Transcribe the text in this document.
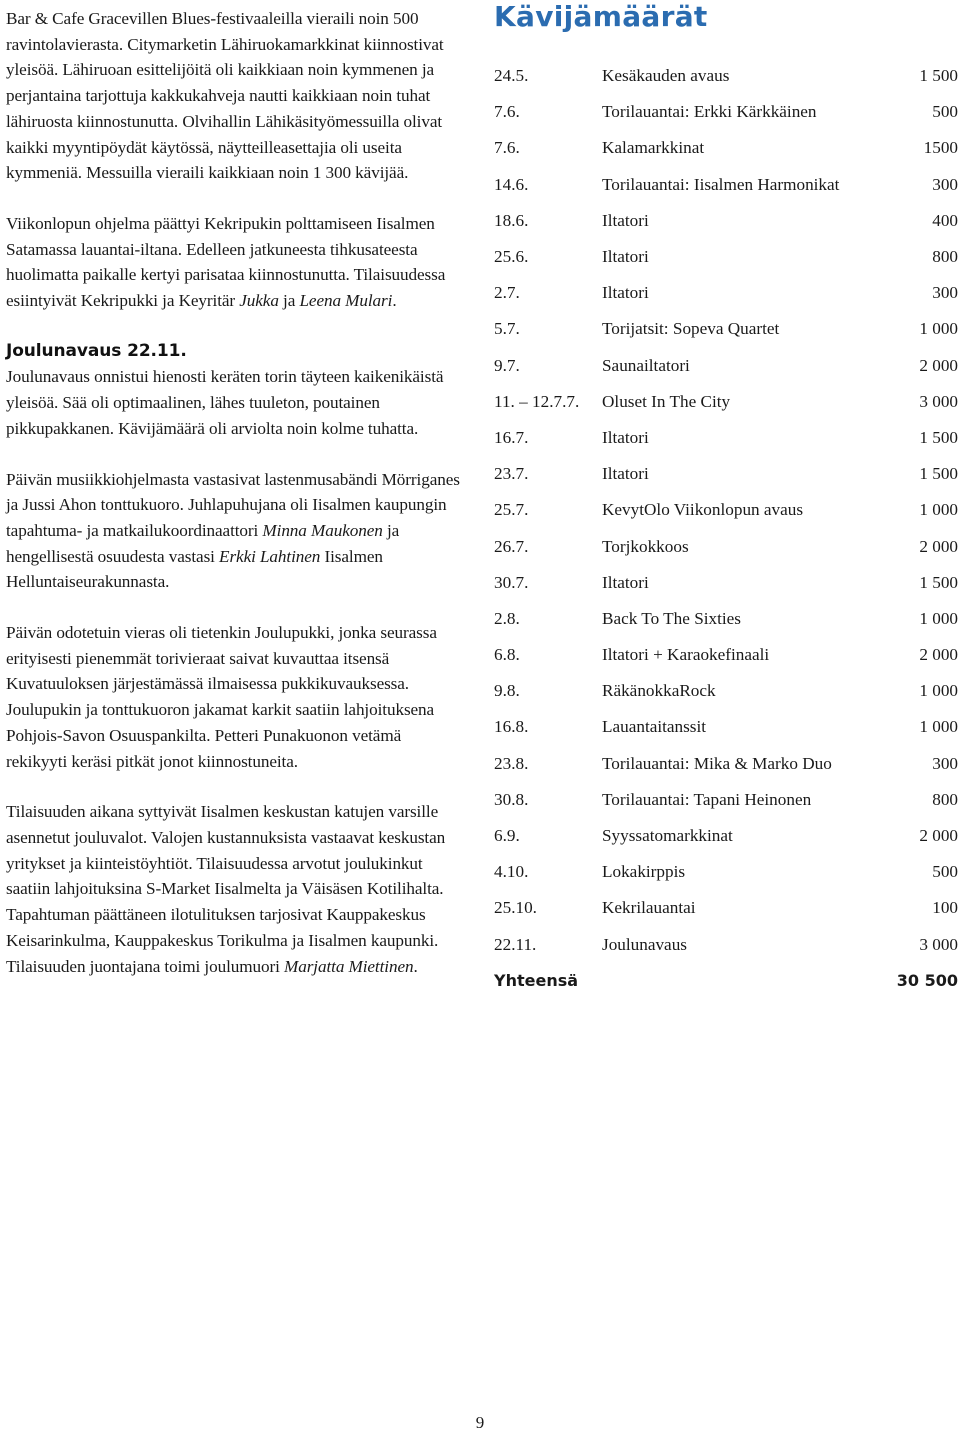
Bar & Cafe Gracevillen Blues-festivaaleilla vieraili noin 500 ravintolavierasta. Citymarketin Lähiruokamarkkinat kiinnostivat yleisöä. Lähiruoan esittelijöitä oli kaikkiaan noin kymmenen ja perjantaina tarjottuja kakkukahveja nautti kaikkiaan noin tuhat lähiruosta kiinnostunutta. Olvihallin Lähikäsityömessuilla olivat kaikki myyntipöydät käytössä, näytteilleasettajia oli useita kymmeniä. Messuilla vieraili kaikkiaan noin 1 300 kävijää.

Viikonlopun ohjelma päättyi Kekripukin polttamiseen Iisalmen Satamassa lauantai-iltana. Edelleen jatkuneesta tihkusateesta huolimatta paikalle kertyi parisataa kiinnostunutta. Tilaisuudessa esiintyivät Kekripukki ja Keyritär Jukka ja Leena Mulari.

Joulunavaus 22.11.

Joulunavaus onnistui hienosti keräten torin täyteen kaikenikäistä yleisöä. Sää oli optimaalinen, lähes tuuleton, poutainen pikkupakkanen. Kävijämäärä oli arviolta noin kolme tuhatta.

Päivän musiikkiohjelmasta vastasivat lastenmusabändi Mörriganes ja Jussi Ahon tonttukuoro. Juhlapuhujana oli Iisalmen kaupungin tapahtuma- ja matkailukoordinaattori Minna Maukonen ja hengellisestä osuudesta vastasi Erkki Lahtinen Iisalmen Helluntaiseurakunnasta.

Päivän odotetuin vieras oli tietenkin Joulupukki, jonka seurassa erityisesti pienemmät torivieraat saivat kuvauttaa itsensä Kuvatuuloksen järjestämässä ilmaisessa pukkikuvauksessa. Joulupukin ja tonttukuoron jakamat karkit saatiin lahjoituksena Pohjois-Savon Osuuspankilta. Petteri Punakuonon vetämä rekikyyti keräsi pitkät jonot kiinnostuneita.

Tilaisuuden aikana syttyivät Iisalmen keskustan katujen varsille asennetut jouluvalot. Valojen kustannuksista vastaavat keskustan yritykset ja kiinteistöyhtiöt. Tilaisuudessa arvotut joulukinkut saatiin lahjoituksina S-Market Iisalmelta ja Väisäsen Kotilihalta. Tapahtuman päättäneen ilotulituksen tarjosivat Kauppakeskus Keisarinkulma, Kauppakeskus Torikulma ja Iisalmen kaupunki. Tilaisuuden juontajana toimi joulumuori Marjatta Miettinen.

Kävijämäärät
24.5.	Kesäkauden avaus	1 500
7.6.	Torilauantai: Erkki Kärkkäinen	500
7.6.	Kalamarkkinat	1500
14.6.	Torilauantai: Iisalmen Harmonikat	300
18.6.	Iltatori	400
25.6.	Iltatori	800
2.7.	Iltatori	300
5.7.	Torijatsit: Sopeva Quartet	1 000
9.7.	Saunailtatori	2 000
11. – 12.7.7.	Oluset In The City	3 000
16.7.	Iltatori	1 500
23.7.	Iltatori	1 500
25.7.	KevytOlo Viikonlopun avaus	1 000
26.7.	Torjkokkoos	2 000
30.7.	Iltatori	1 500
2.8.	Back To The Sixties	1 000
6.8.	Iltatori + Karaokefinaali	2 000
9.8.	RäkänokkaRock	1 000
16.8.	Lauantaitanssit	1 000
23.8.	Torilauantai: Mika & Marko Duo	300
30.8.	Torilauantai: Tapani Heinonen	800
6.9.	Syyssatomarkkinat	2 000
4.10.	Lokakirppis	500
25.10.	Kekrilauantai	100
22.11.	Joulunavaus	3 000
Yhteensä		30 500
9
